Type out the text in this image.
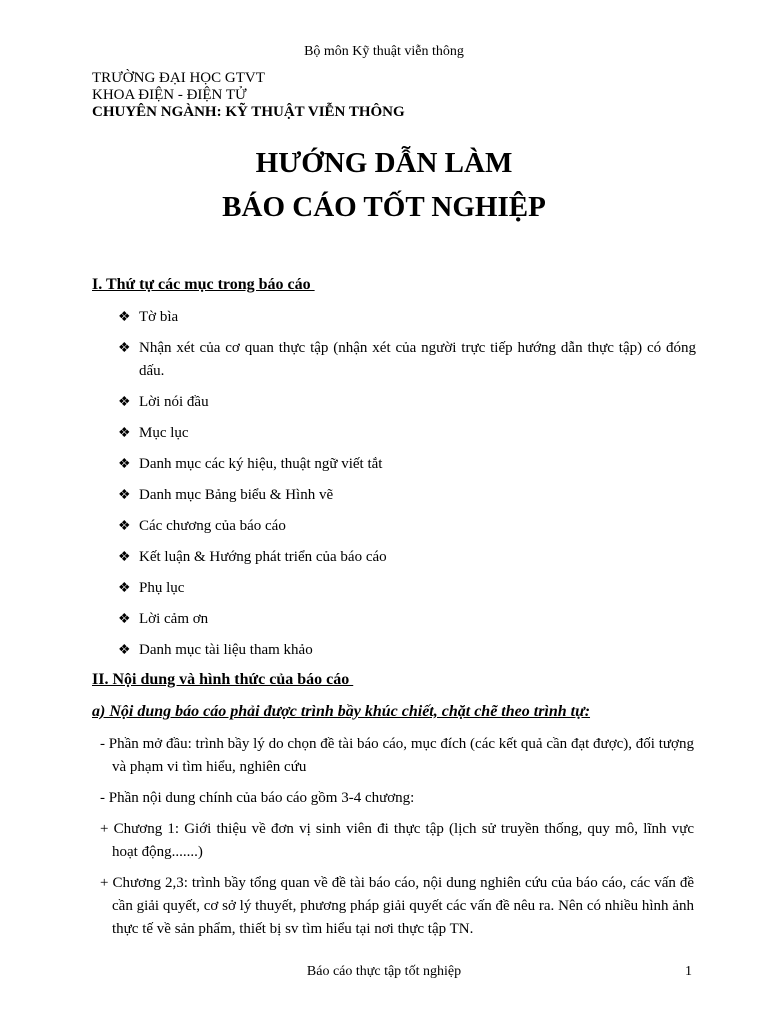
Bộ môn Kỹ thuật viễn thông
TRƯỜNG ĐẠI HỌC GTVT
KHOA ĐIỆN - ĐIỆN TỬ
CHUYÊN NGÀNH: KỸ THUẬT VIỄN THÔNG
HƯỚNG DẪN LÀM
BÁO CÁO TỐT NGHIỆP
I. Thứ tự các mục trong báo cáo
❖ Tờ bìa
❖ Nhận xét của cơ quan thực tập (nhận xét của người trực tiếp hướng dẫn thực tập) có đóng dấu.
❖ Lời nói đầu
❖ Mục lục
❖ Danh mục các ký hiệu, thuật ngữ viết tắt
❖ Danh mục Bảng biểu & Hình vẽ
❖ Các chương của báo cáo
❖ Kết luận & Hướng phát triển của báo cáo
❖ Phụ lục
❖ Lời cảm ơn
❖ Danh mục tài liệu tham khảo
II. Nội dung và hình thức của báo cáo
a) Nội dung báo cáo phải được trình bầy khúc chiết, chặt chẽ theo trình tự:

- Phần mở đầu: trình bầy lý do chọn đề tài báo cáo, mục đích (các kết quả cần đạt được), đối tượng và phạm vi tìm hiểu, nghiên cứu

- Phần nội dung chính của báo cáo gồm 3-4 chương:

+ Chương 1: Giới thiệu về đơn vị sinh viên đi thực tập (lịch sử truyền thống, quy mô, lĩnh vực hoạt động.......)

+ Chương 2,3: trình bầy tổng quan về đề tài báo cáo, nội dung nghiên cứu của báo cáo, các vấn đề cần giải quyết, cơ sở lý thuyết, phương pháp giải quyết các vấn đề nêu ra. Nên có nhiều hình ảnh thực tế về sản phẩm, thiết bị sv tìm hiểu tại nơi thực tập TN.

Báo cáo thực tập tốt nghiệp	1
